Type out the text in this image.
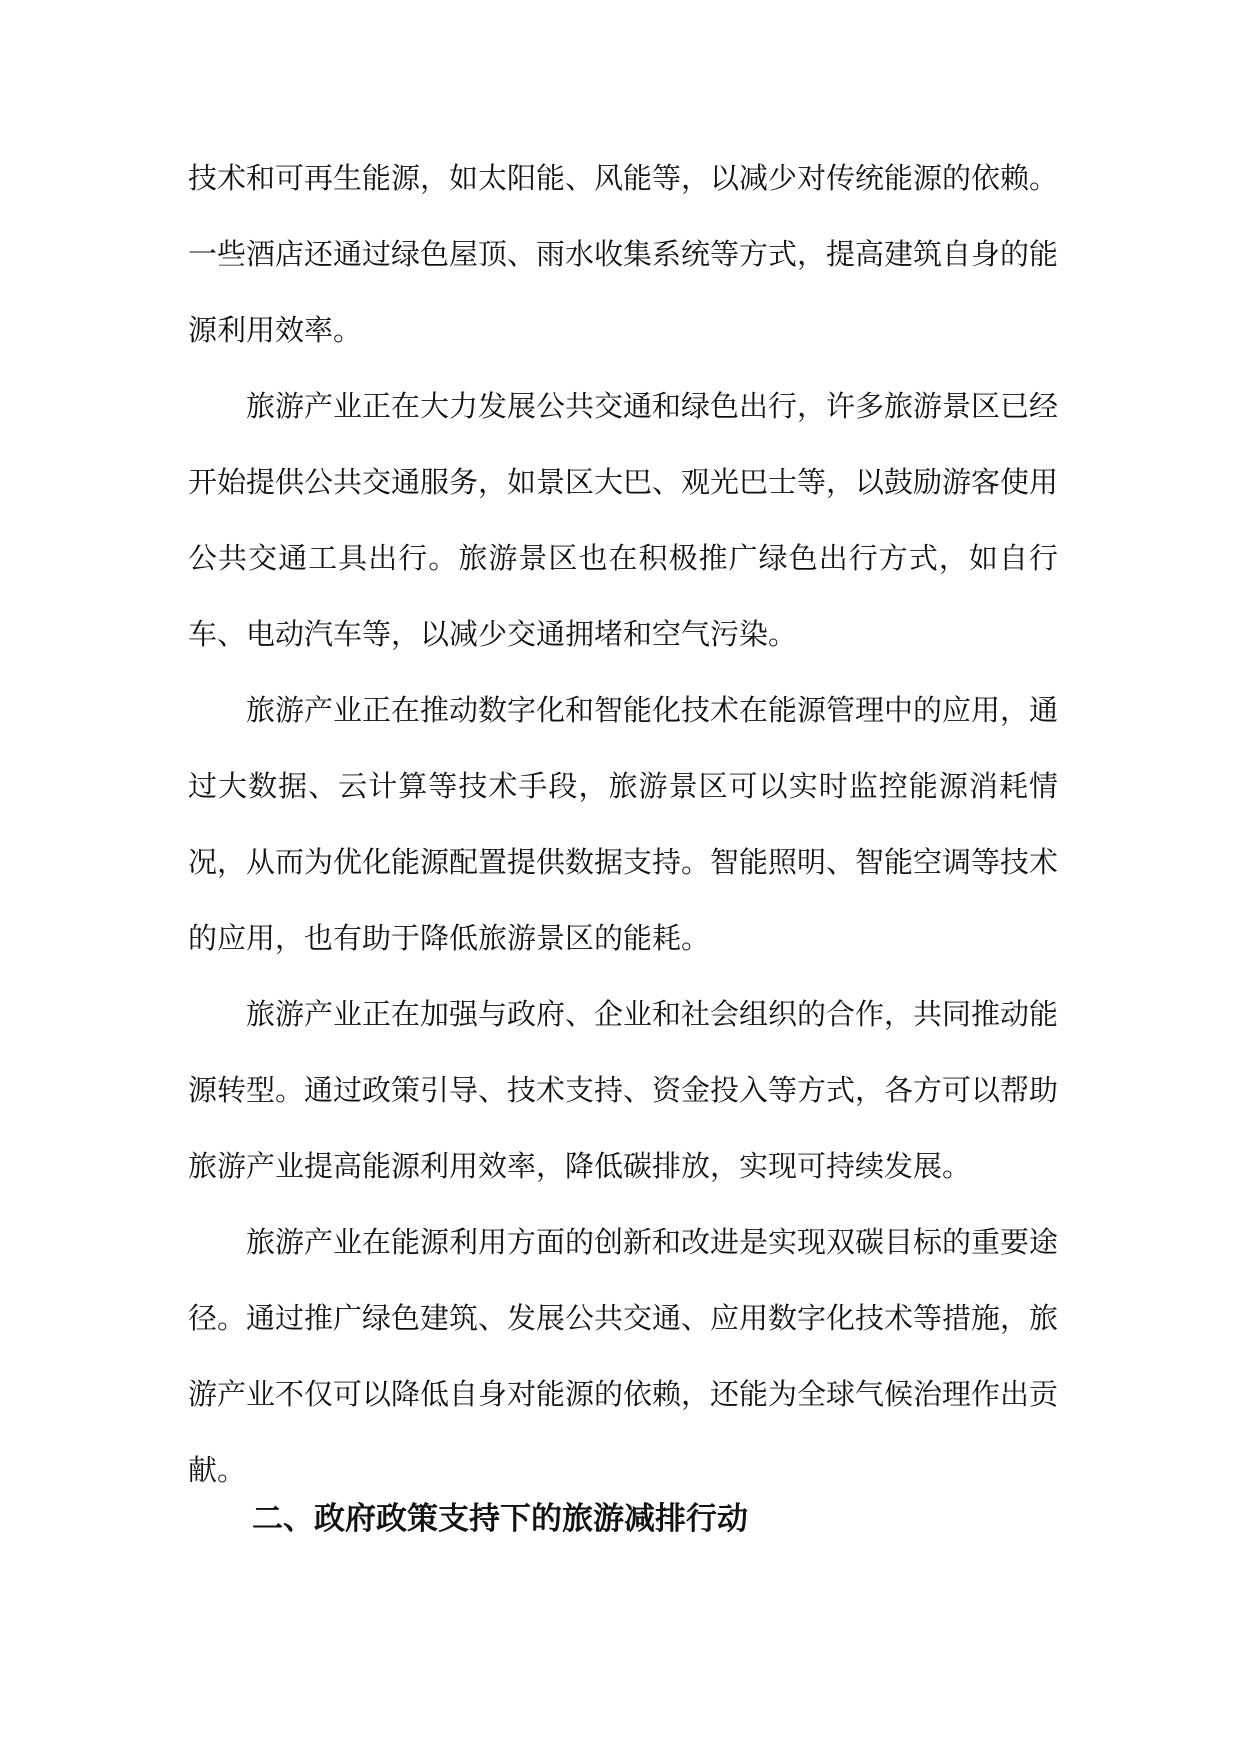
技术和可再生能源，如太阳能、风能等，以减少对传统能源的依赖。一些酒店还通过绿色屋顶、雨水收集系统等方式，提高建筑自身的能源利用效率。

旅游产业正在大力发展公共交通和绿色出行，许多旅游景区已经开始提供公共交通服务，如景区大巴、观光巴士等，以鼓励游客使用公共交通工具出行。旅游景区也在积极推广绿色出行方式，如自行车、电动汽车等，以减少交通拥堵和空气污染。

旅游产业正在推动数字化和智能化技术在能源管理中的应用，通过大数据、云计算等技术手段，旅游景区可以实时监控能源消耗情况，从而为优化能源配置提供数据支持。智能照明、智能空调等技术的应用，也有助于降低旅游景区的能耗。

旅游产业正在加强与政府、企业和社会组织的合作，共同推动能源转型。通过政策引导、技术支持、资金投入等方式，各方可以帮助旅游产业提高能源利用效率，降低碳排放，实现可持续发展。

旅游产业在能源利用方面的创新和改进是实现双碳目标的重要途径。通过推广绿色建筑、发展公共交通、应用数字化技术等措施，旅游产业不仅可以降低自身对能源的依赖，还能为全球气候治理作出贡献。

二、政府政策支持下的旅游减排行动
